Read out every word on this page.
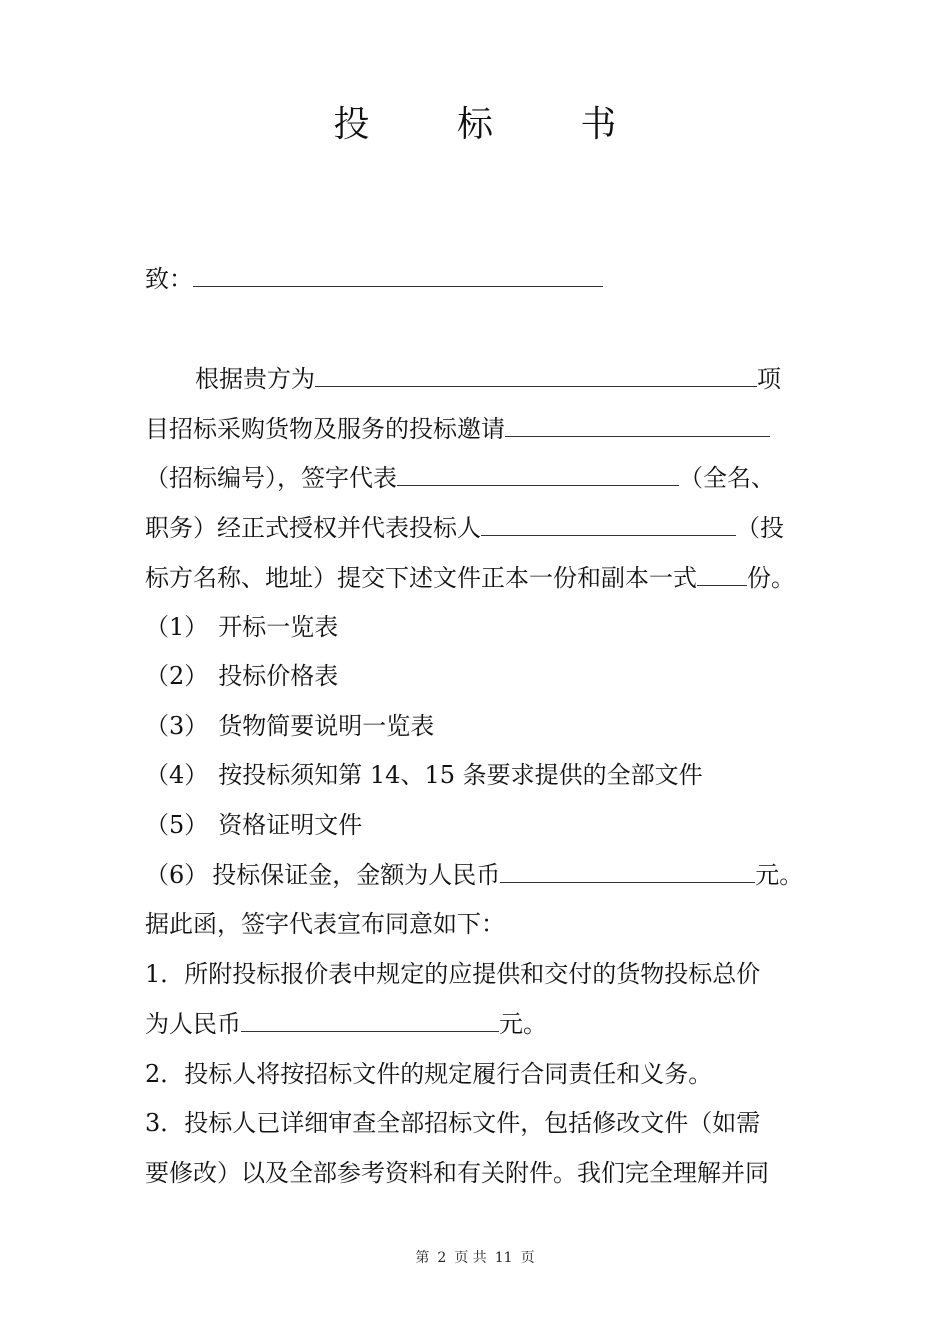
投 标 书
致：
根据贵方为	项
目招标采购货物及服务的投标邀请
（招标编号），签字代表	（全名、
职务）经正式授权并代表投标人	（投
标方名称、地址）提交下述文件正本一份和副本一式 份。
（1） 开标一览表
（2） 投标价格表
（3） 货物简要说明一览表
（4） 按投标须知第 14、15 条要求提供的全部文件
（5） 资格证明文件
（6） 投标保证金，金额为人民币	元。
据此函，签字代表宣布同意如下：
1．所附投标报价表中规定的应提供和交付的货物投标总价
为人民币	元。
2．投标人将按招标文件的规定履行合同责任和义务。
3．投标人已详细审查全部招标文件，包括修改文件（如需
要修改）以及全部参考资料和有关附件。我们完全理解并同
第 2 页 共 11 页
